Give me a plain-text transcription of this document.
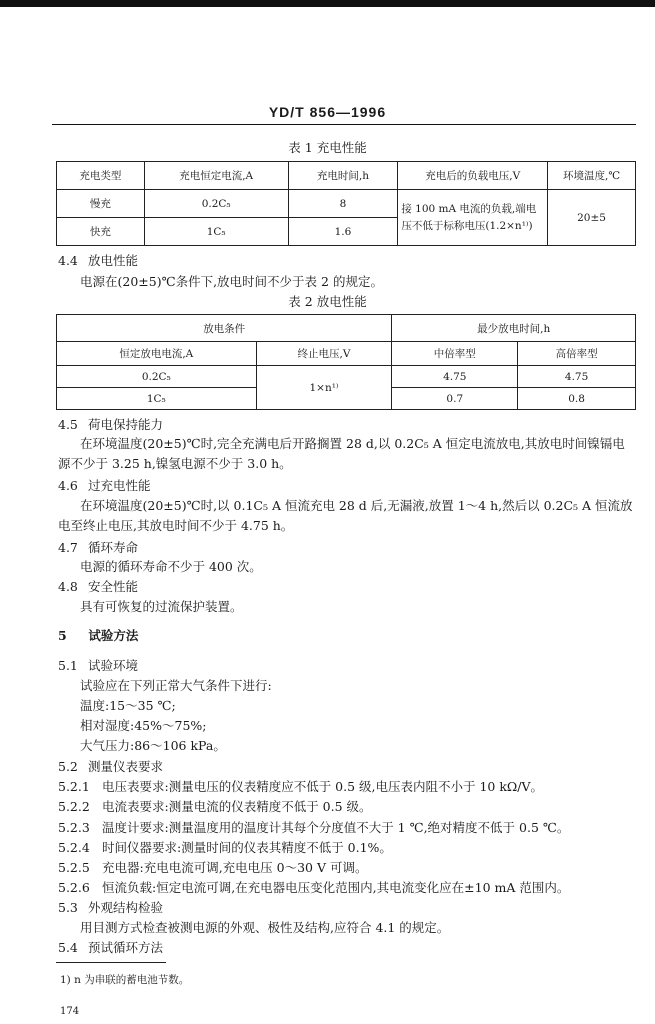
YD/T 856—1996
表 1 充电性能
充电类型	充电恒定电流,A	充电时间,h	充电后的负载电压,V	环境温度,℃
慢充	0.2C₅	8	接 100 mA 电流的负载,端电压不低于标称电压(1.2×n¹⁾)	20±5
快充	1C₅	1.6		
4.4 放电性能
电源在(20±5)℃条件下,放电时间不少于表 2 的规定。
表 2 放电性能
放电条件		最少放电时间,h	
恒定放电电流,A	终止电压,V	中倍率型	高倍率型
0.2C₅	1×n¹⁾	4.75	4.75
1C₅		0.7	0.8
4.5 荷电保持能力
在环境温度(20±5)℃时,完全充满电后开路搁置 28 d,以 0.2C₅ A 恒定电流放电,其放电时间镍镉电源不少于 3.25 h,镍氢电源不少于 3.0 h。
4.6 过充电性能
在环境温度(20±5)℃时,以 0.1C₅ A 恒流充电 28 d 后,无漏液,放置 1～4 h,然后以 0.2C₅ A 恒流放电至终止电压,其放电时间不少于 4.75 h。
4.7 循环寿命
电源的循环寿命不少于 400 次。
4.8 安全性能
具有可恢复的过流保护装置。
5 试验方法
5.1 试验环境
试验应在下列正常大气条件下进行:
温度:15～35 ℃;
相对湿度:45%～75%;
大气压力:86～106 kPa。
5.2 测量仪表要求
5.2.1 电压表要求:测量电压的仪表精度应不低于 0.5 级,电压表内阻不小于 10 kΩ/V。
5.2.2 电流表要求:测量电流的仪表精度不低于 0.5 级。
5.2.3 温度计要求:测量温度用的温度计其每个分度值不大于 1 ℃,绝对精度不低于 0.5 ℃。
5.2.4 时间仪器要求:测量时间的仪表其精度不低于 0.1%。
5.2.5 充电器:充电电流可调,充电电压 0～30 V 可调。
5.2.6 恒流负载:恒定电流可调,在充电器电压变化范围内,其电流变化应在±10 mA 范围内。
5.3 外观结构检验
用目测方式检查被测电源的外观、极性及结构,应符合 4.1 的规定。
5.4 预试循环方法
1) n 为串联的蓄电池节数。
174
